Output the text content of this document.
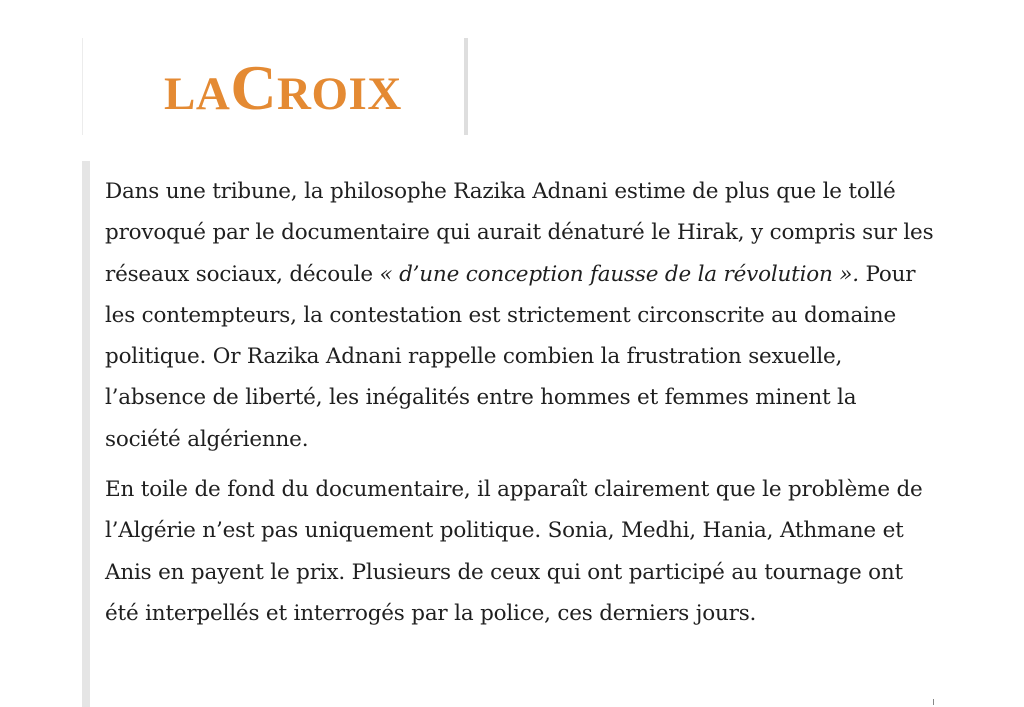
LACROIX

Dans une tribune, la philosophe Razika Adnani estime de plus que le tollé provoqué par le documentaire qui aurait dénaturé le Hirak, y compris sur les réseaux sociaux, découle « d’une conception fausse de la révolution ». Pour les contempteurs, la contestation est strictement circonscrite au domaine politique. Or Razika Adnani rappelle combien la frustration sexuelle, l’absence de liberté, les inégalités entre hommes et femmes minent la société algérienne.

En toile de fond du documentaire, il apparaît clairement que le problème de l’Algérie n’est pas uniquement politique. Sonia, Medhi, Hania, Athmane et Anis en payent le prix. Plusieurs de ceux qui ont participé au tournage ont été interpellés et interrogés par la police, ces derniers jours.
